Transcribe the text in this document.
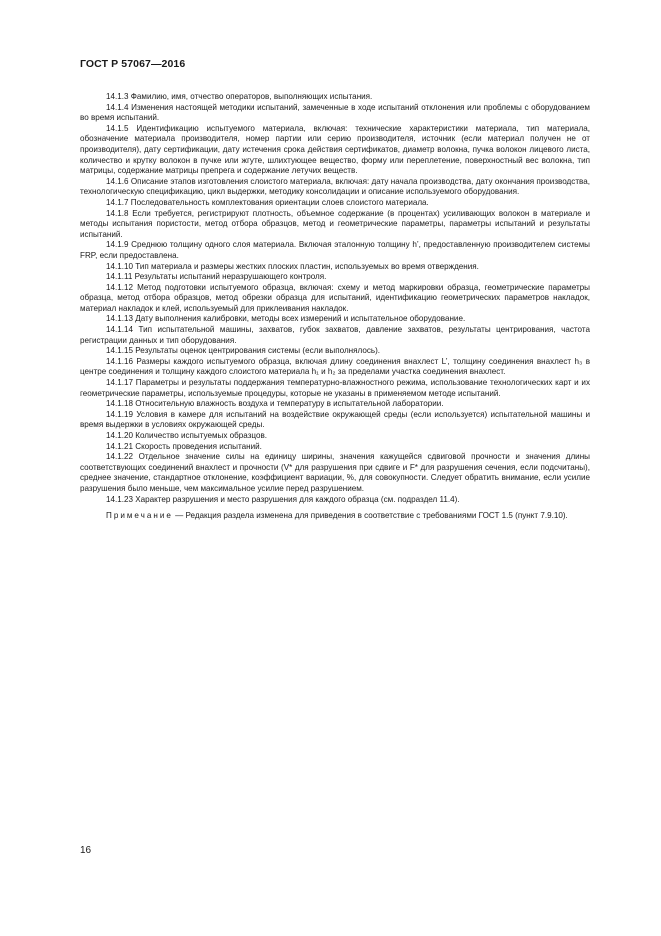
ГОСТ Р 57067—2016

14.1.3 Фамилию, имя, отчество операторов, выполняющих испытания.

14.1.4 Изменения настоящей методики испытаний, замеченные в ходе испытаний отклонения или проблемы с оборудованием во время испытаний.

14.1.5 Идентификацию испытуемого материала, включая: технические характеристики материала, тип материала, обозначение материала производителя, номер партии или серию производителя, источник (если материал получен не от производителя), дату сертификации, дату истечения срока действия сертификатов, диаметр волокна, пучка волокон лицевого листа, количество и крутку волокон в пучке или жгуте, шлихтующее вещество, форму или переплетение, поверхностный вес волокна, тип матрицы, содержание матрицы препрега и содержание летучих веществ.

14.1.6 Описание этапов изготовления слоистого материала, включая: дату начала производства, дату окончания производства, технологическую спецификацию, цикл выдержки, методику консолидации и описание используемого оборудования.

14.1.7 Последовательность комплектования ориентации слоев слоистого материала.

14.1.8 Если требуется, регистрируют плотность, объемное содержание (в процентах) усиливающих волокон в материале и методы испытания пористости, метод отбора образцов, метод и геометрические параметры, параметры испытаний и результаты испытаний.

14.1.9 Среднюю толщину одного слоя материала. Включая эталонную толщину h’, предоставленную производителем системы FRP, если предоставлена.

14.1.10 Тип материала и размеры жестких плоских пластин, используемых во время отверждения.

14.1.11 Результаты испытаний неразрушающего контроля.

14.1.12 Метод подготовки испытуемого образца, включая: схему и метод маркировки образца, геометрические параметры образца, метод отбора образцов, метод обрезки образца для испытаний, идентификацию геометрических параметров накладок, материал накладок и клей, используемый для приклеивания накладок.

14.1.13 Дату выполнения калибровки, методы всех измерений и испытательное оборудование.

14.1.14 Тип испытательной машины, захватов, губок захватов, давление захватов, результаты центрирования, частота регистрации данных и тип оборудования.

14.1.15 Результаты оценок центрирования системы (если выполнялось).

14.1.16 Размеры каждого испытуемого образца, включая длину соединения внахлест L’, толщину соединения внахлест h₃ в центре соединения и толщину каждого слоистого материала h₁ и h₂ за пределами участка соединения внахлест.

14.1.17 Параметры и результаты поддержания температурно-влажностного режима, использование технологических карт и их геометрические параметры, используемые процедуры, которые не указаны в применяемом методе испытаний.

14.1.18 Относительную влажность воздуха и температуру в испытательной лаборатории.

14.1.19 Условия в камере для испытаний на воздействие окружающей среды (если используется) испытательной машины и время выдержки в условиях окружающей среды.

14.1.20 Количество испытуемых образцов.

14.1.21 Скорость проведения испытаний.

14.1.22 Отдельное значение силы на единицу ширины, значения кажущейся сдвиговой прочности и значения длины соответствующих соединений внахлест и прочности (V* для разрушения при сдвиге и F* для разрушения сечения, если подсчитаны), среднее значение, стандартное отклонение, коэффициент вариации, %, для совокупности. Следует обратить внимание, если усилие разрушения было меньше, чем максимальное усилие перед разрушением.

14.1.23 Характер разрушения и место разрушения для каждого образца (см. подраздел 11.4).

Примечание — Редакция раздела изменена для приведения в соответствие с требованиями ГОСТ 1.5 (пункт 7.9.10).

16
